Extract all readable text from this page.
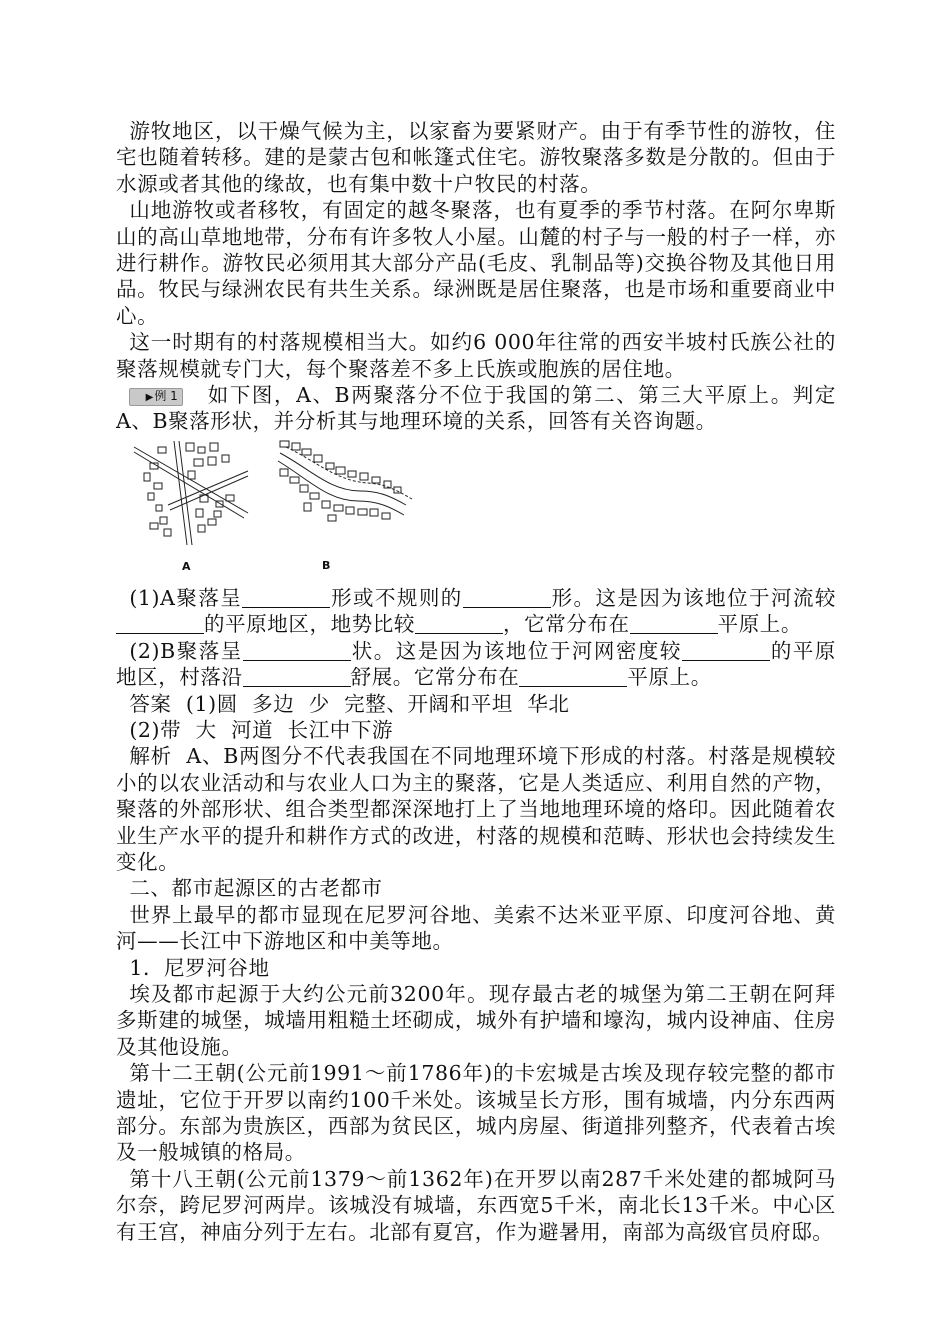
游牧地区，以干燥气候为主，以家畜为要紧财产。由于有季节性的游牧，住宅也随着转移。建的是蒙古包和帐篷式住宅。游牧聚落多数是分散的。但由于水源或者其他的缘故，也有集中数十户牧民的村落。

山地游牧或者移牧，有固定的越冬聚落，也有夏季的季节村落。在阿尔卑斯山的高山草地地带，分布有许多牧人小屋。山麓的村子与一般的村子一样，亦进行耕作。游牧民必须用其大部分产品(毛皮、乳制品等)交换谷物及其他日用品。牧民与绿洲农民有共生关系。绿洲既是居住聚落，也是市场和重要商业中心。

这一时期有的村落规模相当大。如约6 000年往常的西安半坡村氏族公社的聚落规模就专门大，每个聚落差不多上氏族或胞族的居住地。

▶例 1 如下图，A、B两聚落分不位于我国的第二、第三大平原上。判定A、B聚落形状，并分析其与地理环境的关系，回答有关咨询题。

A	B

(1)A聚落呈	形或不规则的	形。这是因为该地位于河流较的平原地区，地势比较	，它常分布在	平原上。

(2)B聚落呈	状。这是因为该地位于河网密度较	的平原地区，村落沿	舒展。它常分布在	平原上。

答案 (1)圆 多边 少 完整、开阔和平坦 华北

(2)带 大 河道 长江中下游

解析 A、B两图分不代表我国在不同地理环境下形成的村落。村落是规模较小的以农业活动和与农业人口为主的聚落，它是人类适应、利用自然的产物，聚落的外部形状、组合类型都深深地打上了当地地理环境的烙印。因此随着农业生产水平的提升和耕作方式的改进，村落的规模和范畴、形状也会持续发生变化。

二、都市起源区的古老都市

世界上最早的都市显现在尼罗河谷地、美索不达米亚平原、印度河谷地、黄河——长江中下游地区和中美等地。

1．尼罗河谷地

埃及都市起源于大约公元前3200年。现存最古老的城堡为第二王朝在阿拜多斯建的城堡，城墙用粗糙土坯砌成，城外有护墙和壕沟，城内设神庙、住房及其他设施。

第十二王朝(公元前1991～前1786年)的卡宏城是古埃及现存较完整的都市遗址，它位于开罗以南约100千米处。该城呈长方形，围有城墙，内分东西两部分。东部为贵族区，西部为贫民区，城内房屋、街道排列整齐，代表着古埃及一般城镇的格局。

第十八王朝(公元前1379～前1362年)在开罗以南287千米处建的都城阿马尔奈，跨尼罗河两岸。该城没有城墙，东西宽5千米，南北长13千米。中心区有王宫，神庙分列于左右。北部有夏宫，作为避暑用，南部为高级官员府邸。
